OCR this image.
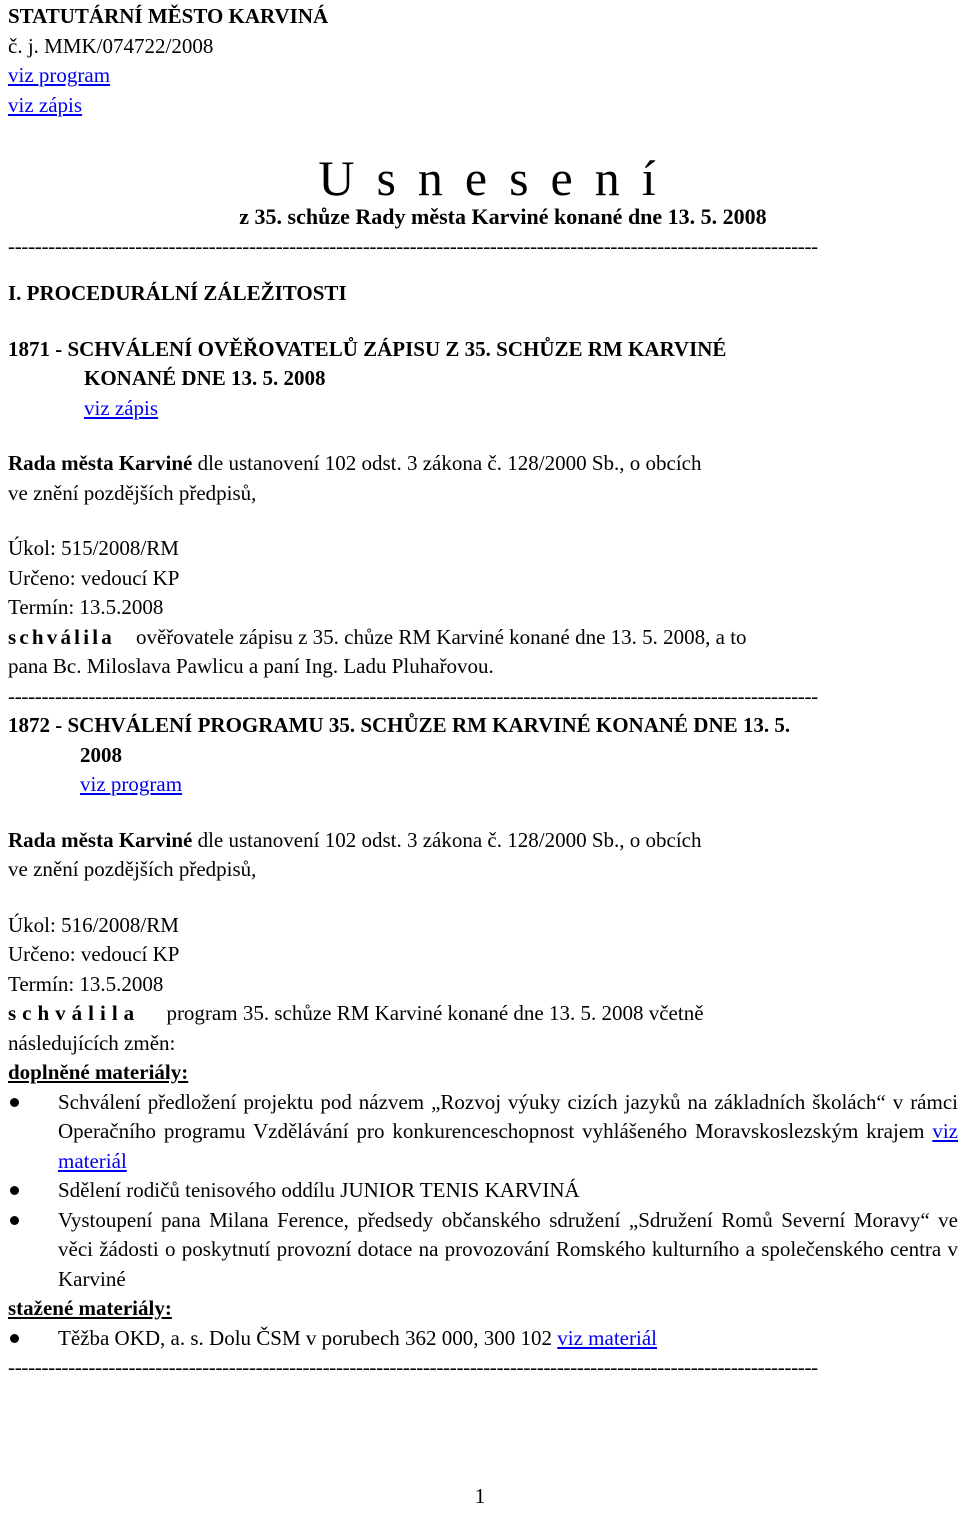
STATUTÁRNÍ MĚSTO KARVINÁ
č. j. MMK/074722/2008
viz program
viz zápis
Usnesení
z 35. schůze Rady města Karviné konané dne 13. 5. 2008
-------------------------------------------------------------------------------------------------------------------------
I. PROCEDURÁLNÍ ZÁLEŽITOSTI
1871 - SCHVÁLENÍ OVĚŘOVATELŮ ZÁPISU Z 35. SCHŮZE RM KARVINÉ
KONANÉ DNE 13. 5. 2008
viz zápis
Rada města Karviné dle ustanovení 102 odst. 3 zákona č. 128/2000 Sb., o obcích
ve znění pozdějších předpisů,
Úkol: 515/2008/RM
Určeno: vedoucí KP
Termín: 13.5.2008
schválila ověřovatele zápisu z 35. chůze RM Karviné konané dne 13. 5. 2008, a to
pana Bc. Miloslava Pawlicu a paní Ing. Ladu Pluhařovou.
-------------------------------------------------------------------------------------------------------------------------
1872 - SCHVÁLENÍ PROGRAMU 35. SCHŮZE RM KARVINÉ KONANÉ DNE 13. 5.
2008
viz program
Rada města Karviné dle ustanovení 102 odst. 3 zákona č. 128/2000 Sb., o obcích
ve znění pozdějších předpisů,
Úkol: 516/2008/RM
Určeno: vedoucí KP
Termín: 13.5.2008
schválila program 35. schůze RM Karviné konané dne 13. 5. 2008 včetně
následujících změn:
doplněné materiály:
Schválení předložení projektu pod názvem „Rozvoj výuky cizích jazyků na základních školách“ v rámci Operačního programu Vzdělávání pro konkurenceschopnost vyhlášeného Moravskoslezským krajem viz materiál
Sdělení rodičů tenisového oddílu JUNIOR TENIS KARVINÁ
Vystoupení pana Milana Ference, předsedy občanského sdružení „Sdružení Romů Severní Moravy“ ve věci žádosti o poskytnutí provozní dotace na provozování Romského kulturního a společenského centra v Karviné
stažené materiály:
Těžba OKD, a. s. Dolu ČSM v porubech 362 000, 300 102 viz materiál
-------------------------------------------------------------------------------------------------------------------------
1
